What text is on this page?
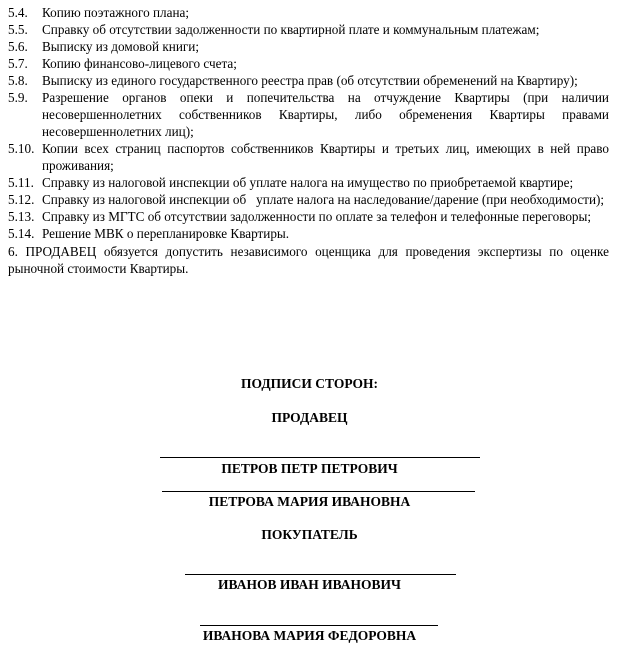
5.4.	Копию поэтажного плана;
5.5.	Справку об отсутствии задолженности по квартирной плате и коммунальным платежам;
5.6.	Выписку из домовой книги;
5.7.	Копию финансово-лицевого счета;
5.8.	Выписку из единого государственного реестра прав (об отсутствии обременений на Квартиру);
5.9.	Разрешение органов опеки и попечительства на отчуждение Квартиры (при наличии несовершеннолетних собственников Квартиры, либо обременения Квартиры правами несовершеннолетних лиц);
5.10. Копии всех страниц паспортов собственников Квартиры и третьих лиц, имеющих в ней право проживания;
5.11. Справку из налоговой инспекции об уплате налога на имущество по приобретаемой квартире;
5.12. Справку из налоговой инспекции об   уплате налога на наследование/дарение (при необходимости);
5.13. Справку из МГТС об отсутствии задолженности по оплате за телефон и телефонные переговоры;
5.14. Решение МВК о перепланировке Квартиры.
6. ПРОДАВЕЦ обязуется допустить независимого оценщика для проведения экспертизы по оценке рыночной стоимости Квартиры.
ПОДПИСИ СТОРОН:
ПРОДАВЕЦ
ПЕТРОВ ПЕТР ПЕТРОВИЧ
ПЕТРОВА МАРИЯ ИВАНОВНА
ПОКУПАТЕЛЬ
ИВАНОВ ИВАН ИВАНОВИЧ
ИВАНОВА МАРИЯ ФЕДОРОВНА
